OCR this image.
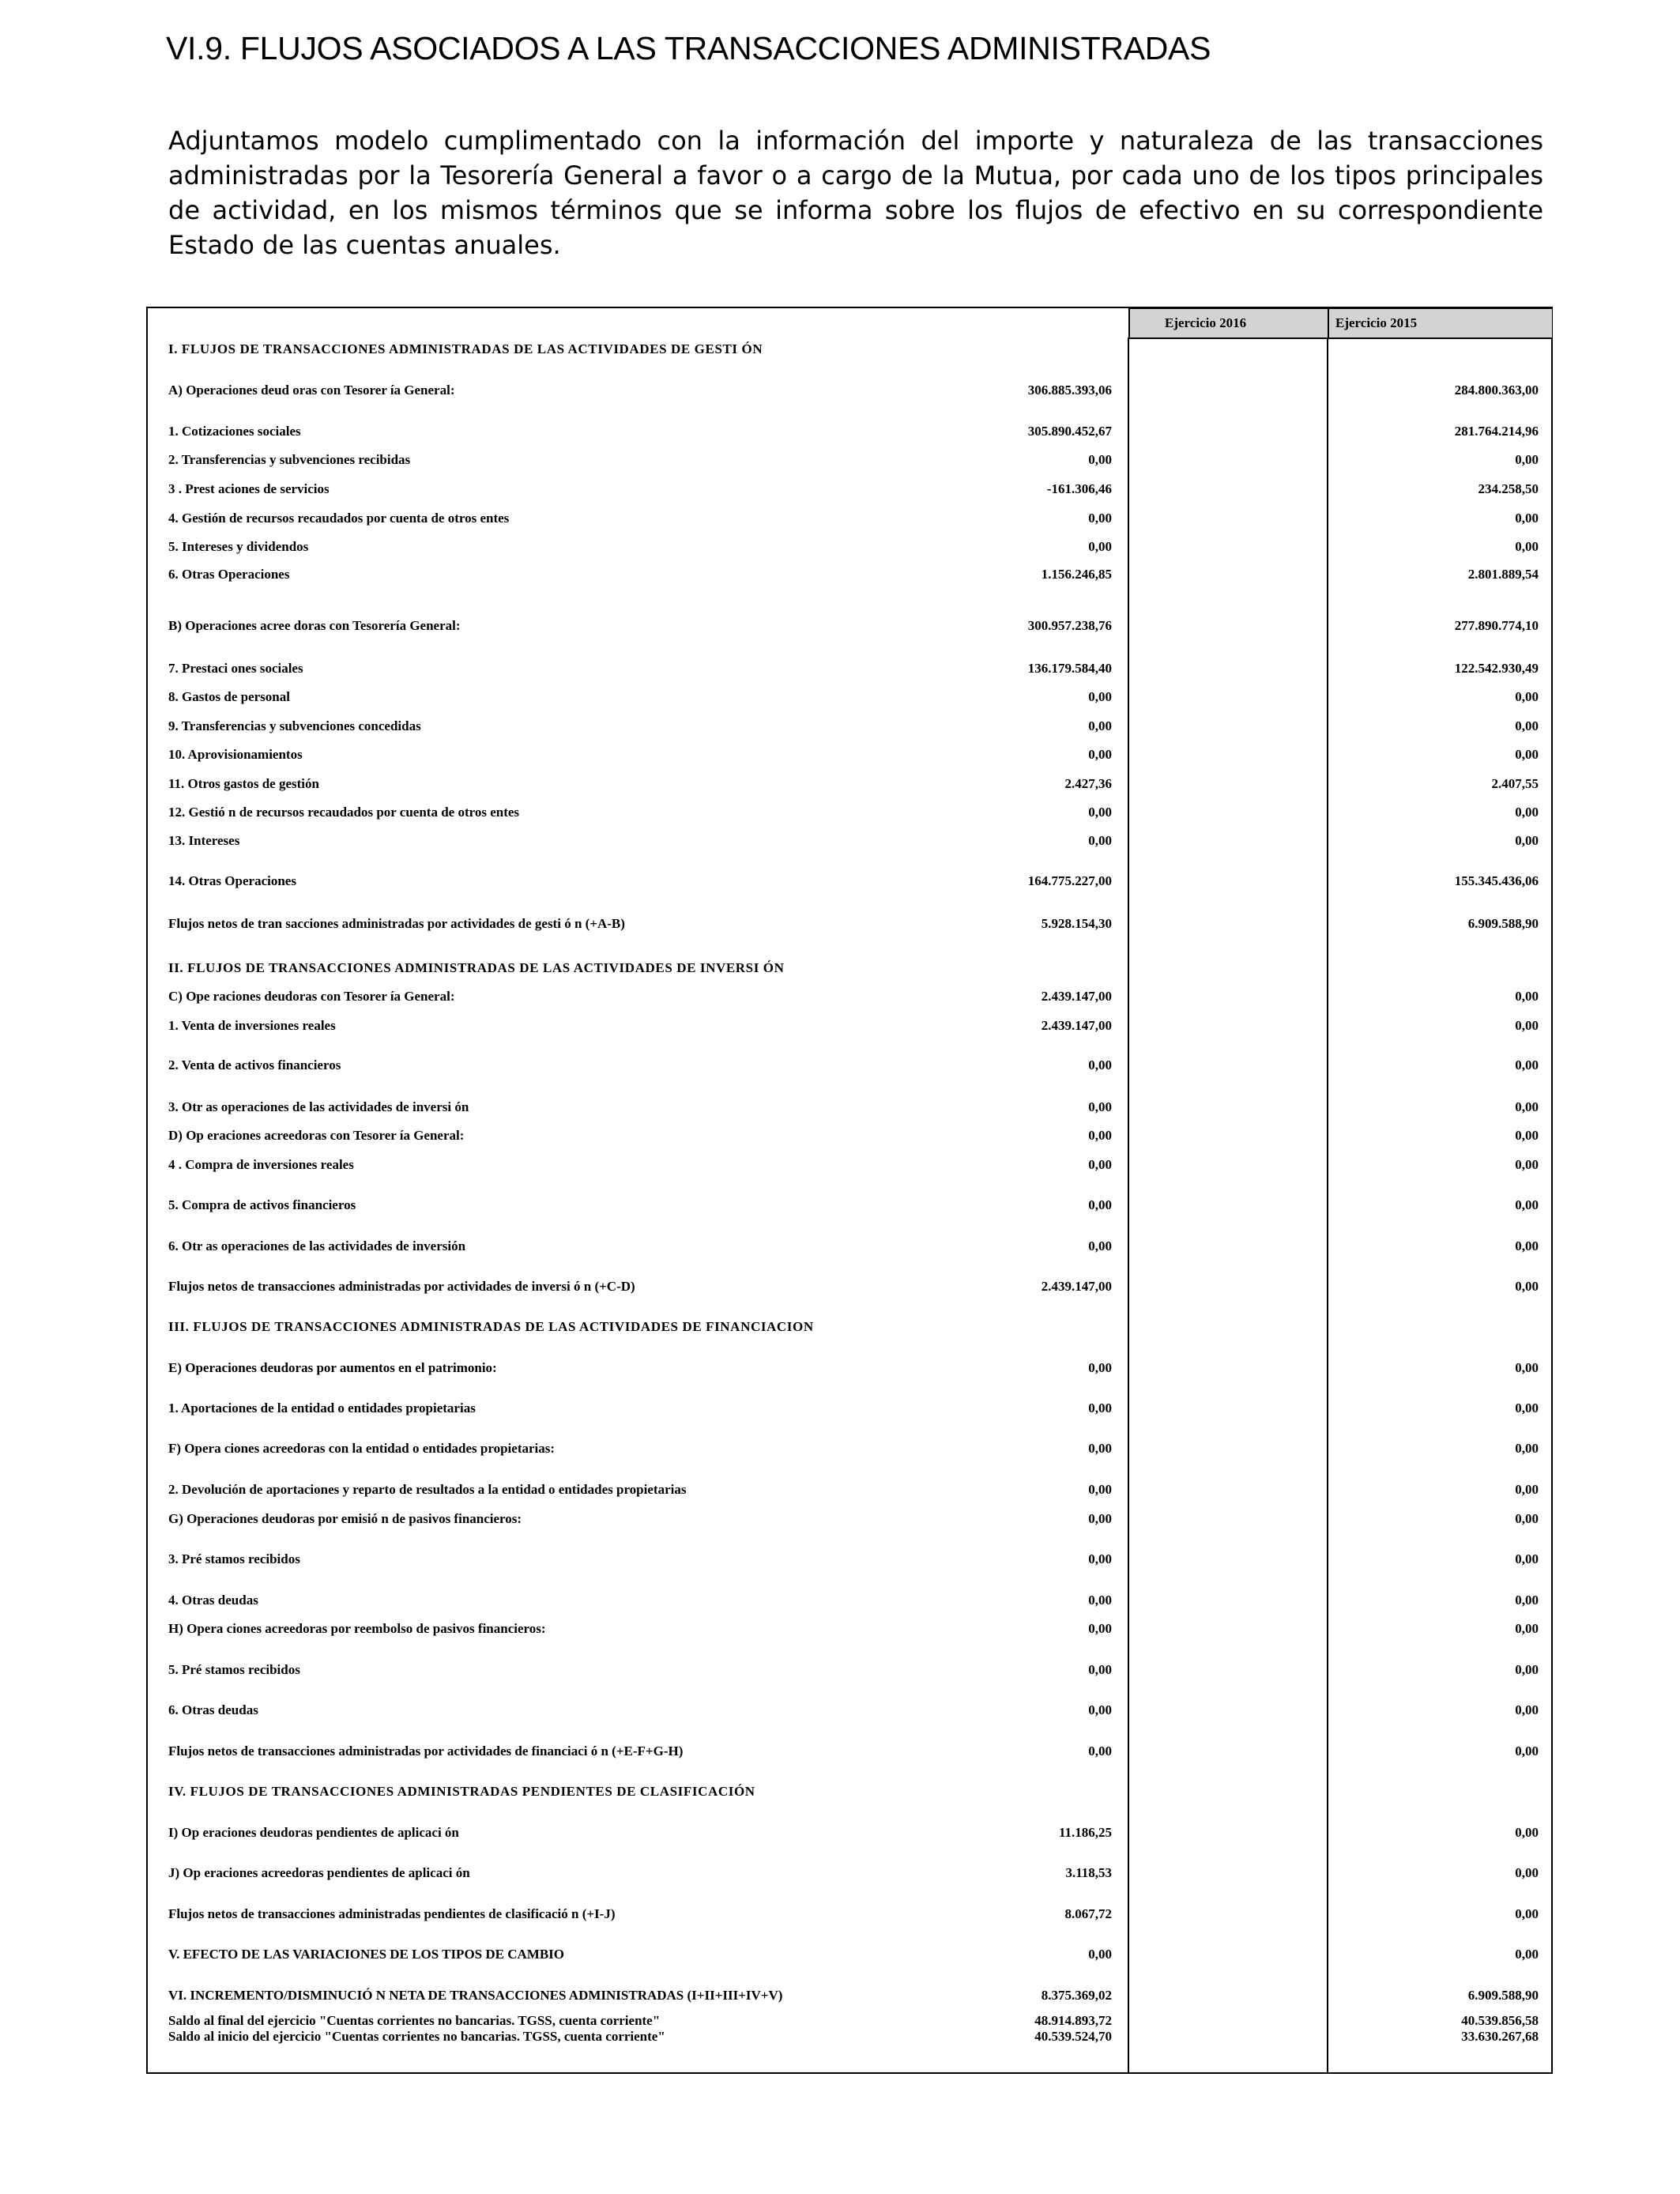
VI.9. FLUJOS ASOCIADOS A LAS TRANSACCIONES ADMINISTRADAS
Adjuntamos modelo cumplimentado con la información del importe y naturaleza de las transacciones administradas por la Tesorería General a favor o a cargo de la Mutua, por cada uno de los tipos principales de actividad, en los mismos términos que se informa sobre los flujos de efectivo en su correspondiente Estado de las cuentas anuales.
Ejercicio 2016	Ejercicio 2015
I. FLUJOS DE TRANSACCIONES ADMINISTRADAS DE LAS ACTIVIDADES DE GESTI ÓN
A) Operaciones deud oras con Tesorer ía General:	306.885.393,06	284.800.363,00
1. Cotizaciones sociales	305.890.452,67	281.764.214,96
2. Transferencias y subvenciones recibidas	0,00	0,00
3 . Prest aciones de servicios	-161.306,46	234.258,50
4. Gestión de recursos recaudados por cuenta de otros entes	0,00	0,00
5. Intereses y dividendos	0,00	0,00
6. Otras Operaciones	1.156.246,85	2.801.889,54
B) Operaciones acree doras con Tesorería General:	300.957.238,76	277.890.774,10
7. Prestaci ones sociales	136.179.584,40	122.542.930,49
8. Gastos de personal	0,00	0,00
9. Transferencias y subvenciones concedidas	0,00	0,00
10. Aprovisionamientos	0,00	0,00
11. Otros gastos de gestión	2.427,36	2.407,55
12. Gestió n de recursos recaudados por cuenta de otros entes	0,00	0,00
13. Intereses	0,00	0,00
14. Otras Operaciones	164.775.227,00	155.345.436,06
Flujos netos de tran sacciones administradas por actividades de gesti ó n (+A-B)	5.928.154,30	6.909.588,90
II. FLUJOS DE TRANSACCIONES ADMINISTRADAS DE LAS ACTIVIDADES DE INVERSI ÓN
C) Ope raciones deudoras con Tesorer ía General:	2.439.147,00	0,00
1. Venta de inversiones reales	2.439.147,00	0,00
2. Venta de activos financieros	0,00	0,00
3. Otr as operaciones de las actividades de inversi ón	0,00	0,00
D) Op eraciones acreedoras con Tesorer ía General:	0,00	0,00
4 . Compra de inversiones reales	0,00	0,00
5. Compra de activos financieros	0,00	0,00
6. Otr as operaciones de las actividades de inversión	0,00	0,00
Flujos netos de transacciones administradas por actividades de inversi ó n (+C-D)	2.439.147,00	0,00
III. FLUJOS DE TRANSACCIONES ADMINISTRADAS DE LAS ACTIVIDADES DE FINANCIACION
E) Operaciones deudoras por aumentos en el patrimonio:	0,00	0,00
1. Aportaciones de la entidad o entidades propietarias	0,00	0,00
F) Opera ciones acreedoras con la entidad o entidades propietarias:	0,00	0,00
2. Devolución de aportaciones y reparto de resultados a la entidad o entidades propietarias	0,00	0,00
G) Operaciones deudoras por emisió n de pasivos financieros:	0,00	0,00
3. Pré stamos recibidos	0,00	0,00
4. Otras deudas	0,00	0,00
H) Opera ciones acreedoras por reembolso de pasivos financieros:	0,00	0,00
5. Pré stamos recibidos	0,00	0,00
6. Otras deudas	0,00	0,00
Flujos netos de transacciones administradas por actividades de financiaci ó n (+E-F+G-H)	0,00	0,00
IV. FLUJOS DE TRANSACCIONES ADMINISTRADAS PENDIENTES DE CLASIFICACIÓN
I) Op eraciones deudoras pendientes de aplicaci ón	11.186,25	0,00
J) Op eraciones acreedoras pendientes de aplicaci ón	3.118,53	0,00
Flujos netos de transacciones administradas pendientes de clasificació n (+I-J)	8.067,72	0,00
V. EFECTO DE LAS VARIACIONES DE LOS TIPOS DE CAMBIO	0,00	0,00
VI. INCREMENTO/DISMINUCIÓ N NETA DE TRANSACCIONES ADMINISTRADAS (I+II+III+IV+V)	8.375.369,02	6.909.588,90
Saldo al inicio del ejercicio "Cuentas corrientes no bancarias. TGSS, cuenta corriente"	40.539.524,70	33.630.267,68
Saldo al final del ejercicio "Cuentas corrientes no bancarias. TGSS, cuenta corriente"	48.914.893,72	40.539.856,58
